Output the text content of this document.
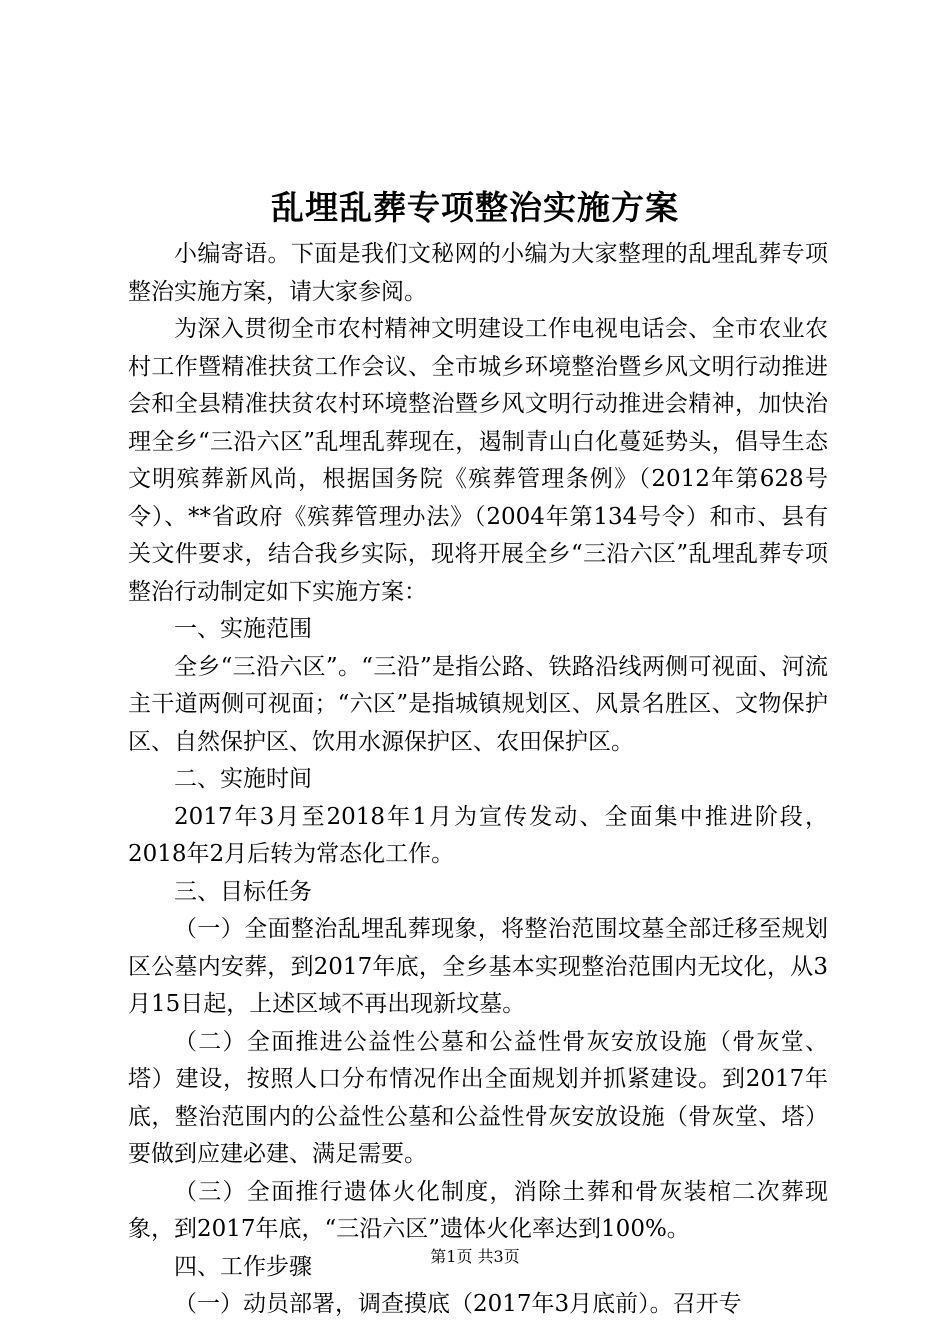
乱埋乱葬专项整治实施方案

小编寄语。下面是我们文秘网的小编为大家整理的乱埋乱葬专项整治实施方案，请大家参阅。

为深入贯彻全市农村精神文明建设工作电视电话会、全市农业农村工作暨精准扶贫工作会议、全市城乡环境整治暨乡风文明行动推进会和全县精准扶贫农村环境整治暨乡风文明行动推进会精神，加快治理全乡“三沿六区”乱埋乱葬现在，遏制青山白化蔓延势头，倡导生态文明殡葬新风尚，根据国务院《殡葬管理条例》（2012年第628号令）、**省政府《殡葬管理办法》（2004年第134号令）和市、县有关文件要求，结合我乡实际，现将开展全乡“三沿六区”乱埋乱葬专项整治行动制定如下实施方案：

一、实施范围

全乡“三沿六区”。“三沿”是指公路、铁路沿线两侧可视面、河流主干道两侧可视面；“六区”是指城镇规划区、风景名胜区、文物保护区、自然保护区、饮用水源保护区、农田保护区。

二、实施时间

2017年3月至2018年1月为宣传发动、全面集中推进阶段，2018年2月后转为常态化工作。

三、目标任务

（一）全面整治乱埋乱葬现象，将整治范围坟墓全部迁移至规划区公墓内安葬，到2017年底，全乡基本实现整治范围内无坟化，从3月15日起，上述区域不再出现新坟墓。

（二）全面推进公益性公墓和公益性骨灰安放设施（骨灰堂、塔）建设，按照人口分布情况作出全面规划并抓紧建设。到2017年底，整治范围内的公益性公墓和公益性骨灰安放设施（骨灰堂、塔）要做到应建必建、满足需要。

（三）全面推行遗体火化制度，消除土葬和骨灰装棺二次葬现象，到2017年底，“三沿六区”遗体火化率达到100%。

四、工作步骤

（一）动员部署，调查摸底（2017年3月底前）。召开专

第1页 共3页
